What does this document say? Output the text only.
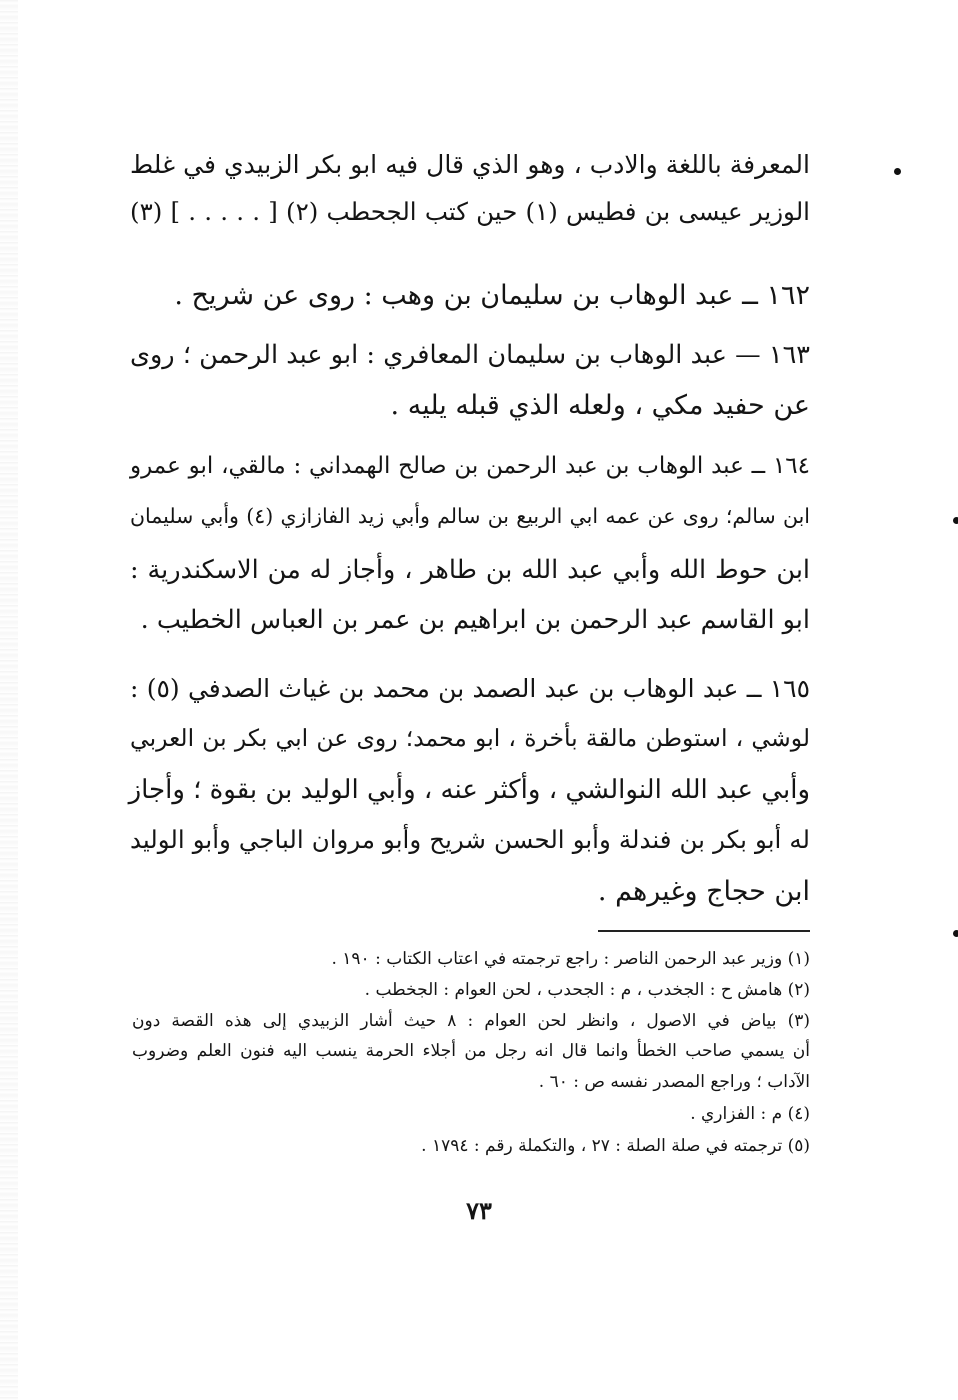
المعرفة باللغة والادب ، وهو الذي قال فيه ابو بكر الزبيدي في غلط
الوزير عيسى بن فطيس (١) حين كتب الجحطب (٢) [ . . . . . ] (٣)
١٦٢ ــ عبد الوهاب بن سليمان بن وهب : روى عن شريح .
١٦٣ — عبد الوهاب بن سليمان المعافري : ابو عبد الرحمن ؛ روى
عن حفيد مكي ، ولعله الذي قبله يليه .
١٦٤ ــ عبد الوهاب بن عبد الرحمن بن صالح الهمداني : مالقي، ابو عمرو
ابن سالم؛ روى عن عمه ابي الربيع بن سالم وأبي زيد الفازازي (٤) وأبي سليمان
ابن حوط الله وأبي عبد الله بن طاهر ، وأجاز له من الاسكندرية :
ابو القاسم عبد الرحمن بن ابراهيم بن عمر بن العباس الخطيب .
١٦٥ ــ عبد الوهاب بن عبد الصمد بن محمد بن غياث الصدفي (٥) :
لوشي ، استوطن مالقة بأخرة ، ابو محمد؛ روى عن ابي بكر بن العربي
وأبي عبد الله النوالشي ، وأكثر عنه ، وأبي الوليد بن بقوة ؛ وأجاز
له أبو بكر بن فندلة وأبو الحسن شريح وأبو مروان الباجي وأبو الوليد
ابن حجاج وغيرهم .
(١) وزير عبد الرحمن الناصر : راجع ترجمته في اعتاب الكتاب : ١٩٠ .
(٢) هامش ح : الجخدب ، م : الجحدب ، لحن العوام : الجخطب .
(٣) بياض في الاصول ، وانظر لحن العوام : ٨ حيث أشار الزبيدي إلى هذه القصة دون
أن يسمي صاحب الخطأ وانما قال انه رجل من أجلاء الحرمة ينسب اليه فنون العلم وضروب
الآداب ؛ وراجع المصدر نفسه ص : ٦٠ .
(٤) م : الفزاري .
(٥) ترجمته في صلة الصلة : ٢٧ ، والتكملة رقم : ١٧٩٤ .
٧٣
